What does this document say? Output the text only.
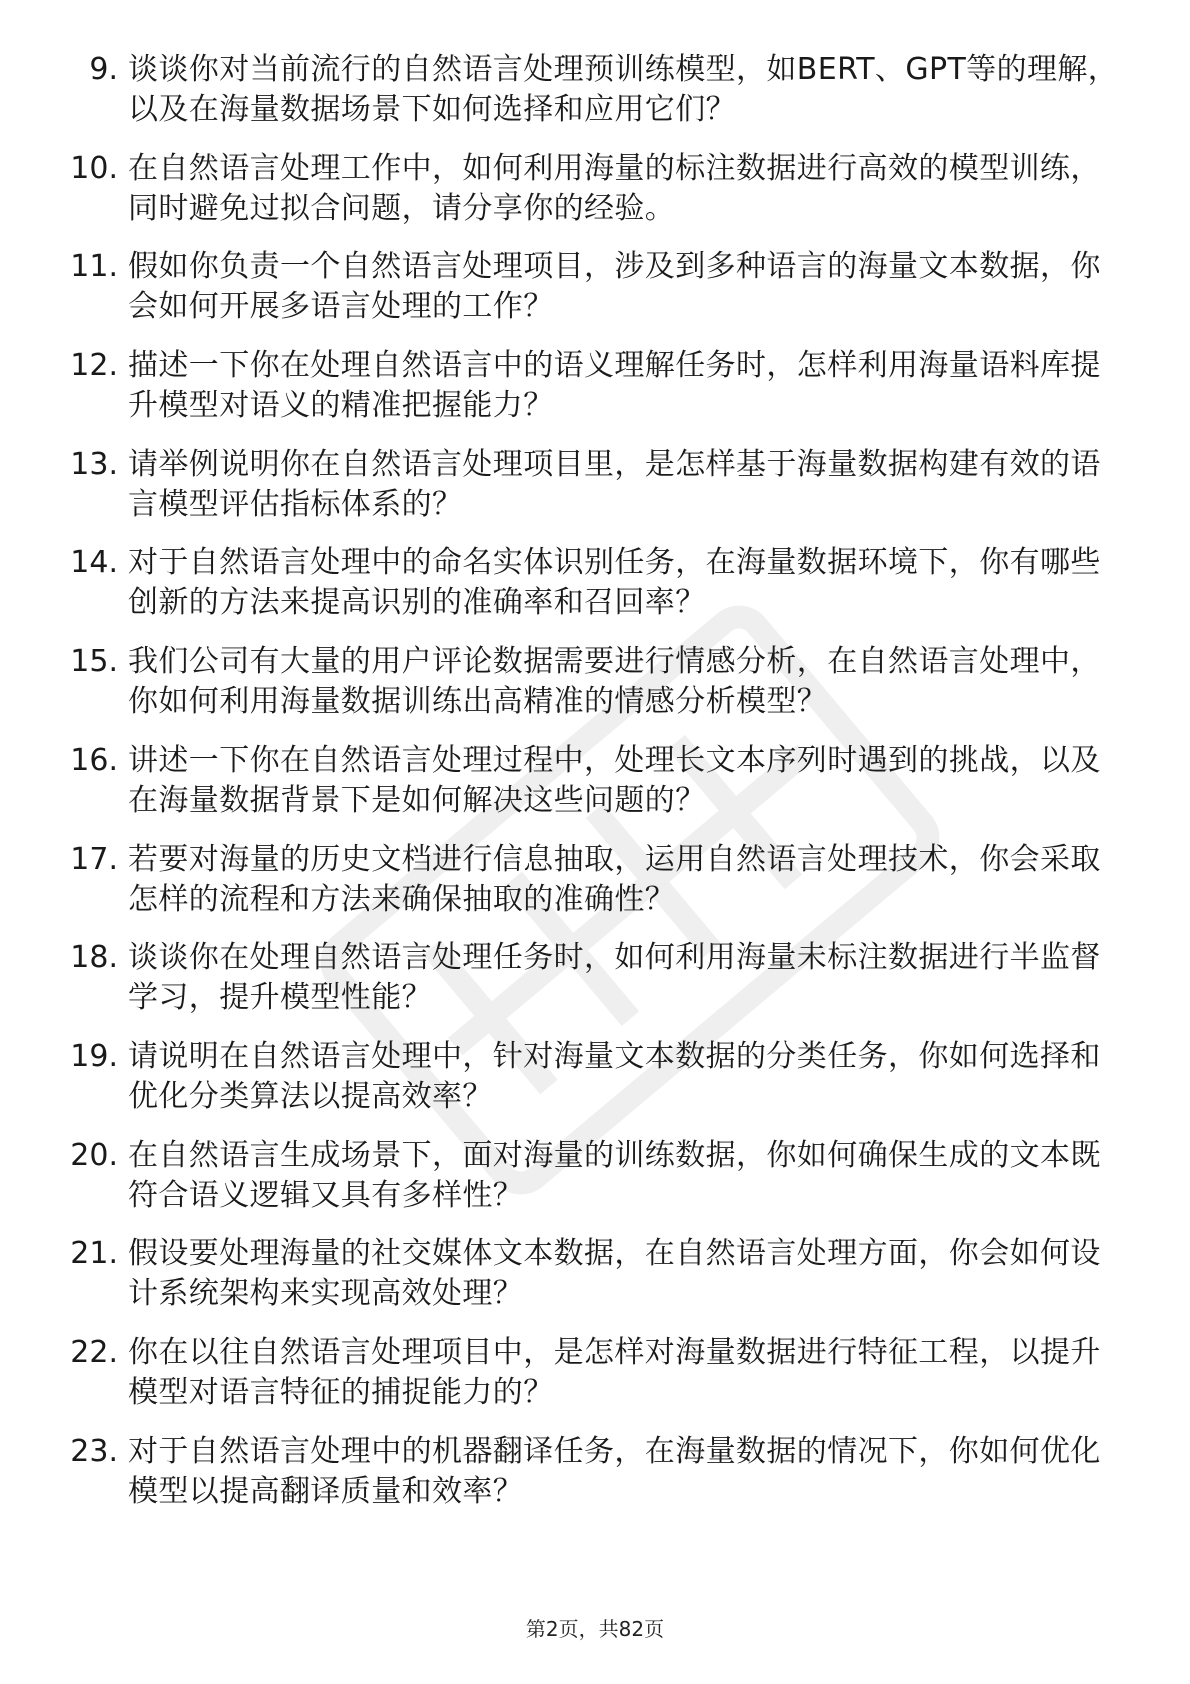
9. 谈谈你对当前流行的自然语言处理预训练模型，如BERT、GPT等的理解，以及在海量数据场景下如何选择和应用它们？
10. 在自然语言处理工作中，如何利用海量的标注数据进行高效的模型训练，同时避免过拟合问题，请分享你的经验。
11. 假如你负责一个自然语言处理项目，涉及到多种语言的海量文本数据，你会如何开展多语言处理的工作？
12. 描述一下你在处理自然语言中的语义理解任务时，怎样利用海量语料库提升模型对语义的精准把握能力？
13. 请举例说明你在自然语言处理项目里，是怎样基于海量数据构建有效的语言模型评估指标体系的？
14. 对于自然语言处理中的命名实体识别任务，在海量数据环境下，你有哪些创新的方法来提高识别的准确率和召回率？
15. 我们公司有大量的用户评论数据需要进行情感分析，在自然语言处理中，你如何利用海量数据训练出高精准的情感分析模型？
16. 讲述一下你在自然语言处理过程中，处理长文本序列时遇到的挑战，以及在海量数据背景下是如何解决这些问题的？
17. 若要对海量的历史文档进行信息抽取，运用自然语言处理技术，你会采取怎样的流程和方法来确保抽取的准确性？
18. 谈谈你在处理自然语言处理任务时，如何利用海量未标注数据进行半监督学习，提升模型性能？
19. 请说明在自然语言处理中，针对海量文本数据的分类任务，你如何选择和优化分类算法以提高效率？
20. 在自然语言生成场景下，面对海量的训练数据，你如何确保生成的文本既符合语义逻辑又具有多样性？
21. 假设要处理海量的社交媒体文本数据，在自然语言处理方面，你会如何设计系统架构来实现高效处理？
22. 你在以往自然语言处理项目中，是怎样对海量数据进行特征工程，以提升模型对语言特征的捕捉能力的？
23. 对于自然语言处理中的机器翻译任务，在海量数据的情况下，你如何优化模型以提高翻译质量和效率？
第2页，共82页
